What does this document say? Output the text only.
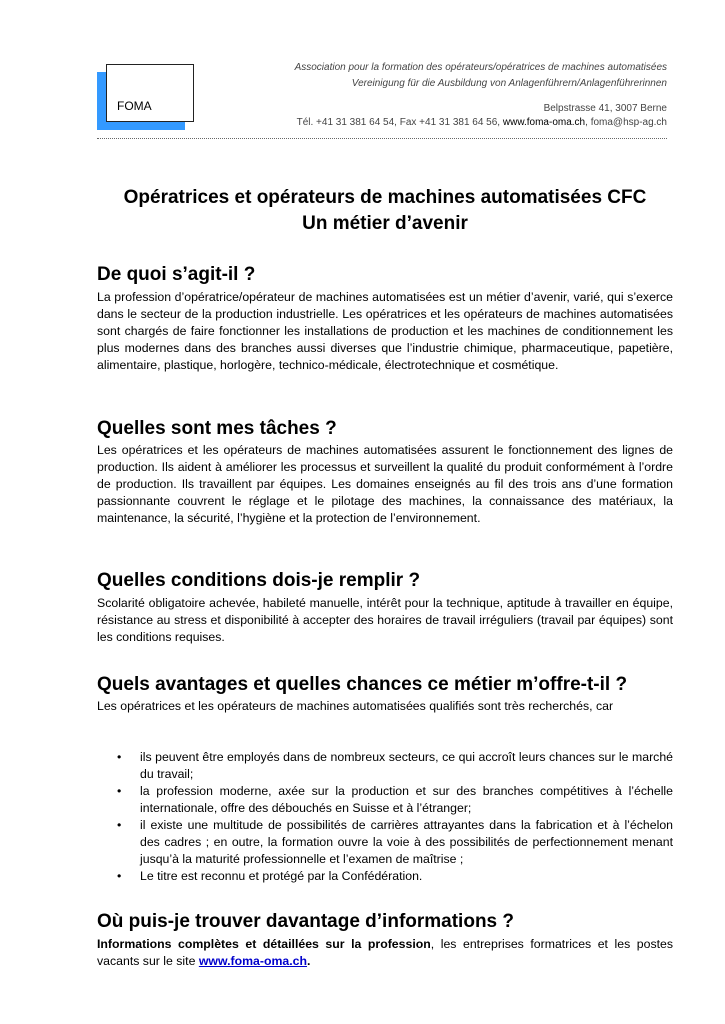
FOMA
Association pour la formation des opérateurs/opératrices de machines automatisées
Vereinigung für die Ausbildung von Anlagenführern/Anlagenführerinnen
Belpstrasse 41, 3007 Berne
Tél. +41 31 381 64 54, Fax +41 31 381 64 56, www.foma-oma.ch, foma@hsp-ag.ch
Opératrices et opérateurs de machines automatisées CFC
Un métier d’avenir
De quoi s’agit-il ?

La profession d’opératrice/opérateur de machines automatisées est un métier d’avenir, varié, qui s’exerce dans le secteur de la production industrielle. Les opératrices et les opérateurs de machines automatisées sont chargés de faire fonctionner les installations de production et les machines de conditionnement les plus modernes dans des branches aussi diverses que l’industrie chimique, pharmaceutique, papetière, alimentaire, plastique, horlogère, technico-médicale, électrotechnique et cosmétique.

Quelles sont mes tâches ?

Les opératrices et les opérateurs de machines automatisées assurent le fonctionnement des lignes de production. Ils aident à améliorer les processus et surveillent la qualité du produit conformément à l’ordre de production. Ils travaillent par équipes. Les domaines enseignés au fil des trois ans d’une formation passionnante couvrent le réglage et le pilotage des machines, la connaissance des matériaux, la maintenance, la sécurité, l’hygiène et la protection de l’environnement.

Quelles conditions dois-je remplir ?

Scolarité obligatoire achevée, habileté manuelle, intérêt pour la technique, aptitude à travailler en équipe, résistance au stress et disponibilité à accepter des horaires de travail irréguliers (travail par équipes) sont les conditions requises.

Quels avantages et quelles chances ce métier m’offre-t-il ?

Les opératrices et les opérateurs de machines automatisées qualifiés sont très recherchés, car

• ils peuvent être employés dans de nombreux secteurs, ce qui accroît leurs chances sur le marché du travail;
• la profession moderne, axée sur la production et sur des branches compétitives à l’échelle internationale, offre des débouchés en Suisse et à l’étranger;
• il existe une multitude de possibilités de carrières attrayantes dans la fabrication et à l’échelon des cadres ; en outre, la formation ouvre la voie à des possibilités de perfectionnement menant jusqu’à la maturité professionnelle et l’examen de maîtrise ;
• Le titre est reconnu et protégé par la Confédération.
Où puis-je trouver davantage d’informations ?

Informations complètes et détaillées sur la profession, les entreprises formatrices et les postes vacants sur le site www.foma-oma.ch.
